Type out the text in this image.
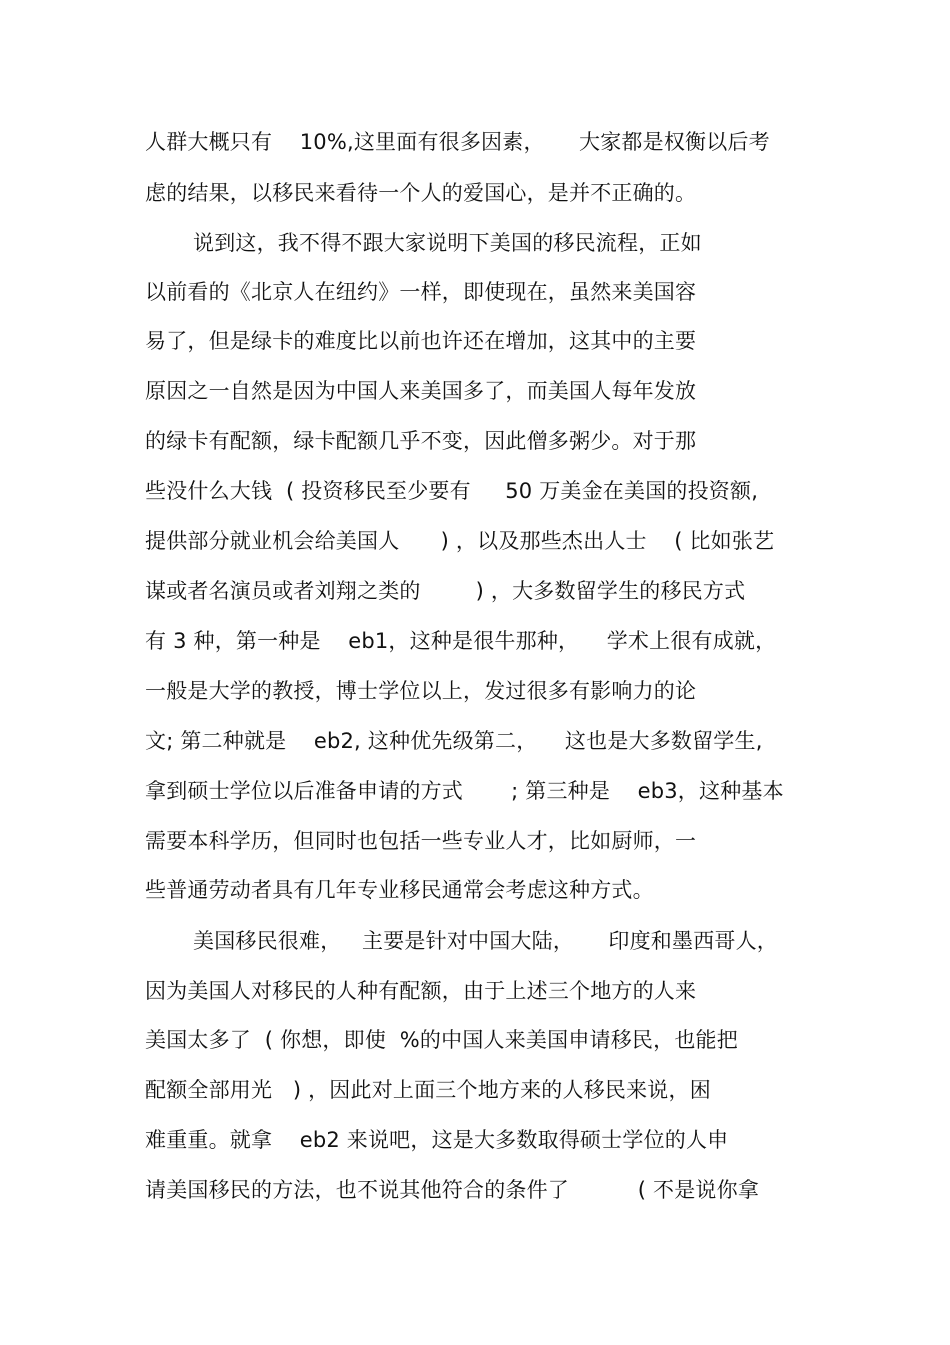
人群大概只有    10%,这里面有很多因素，     大家都是权衡以后考
虑的结果，以移民来看待一个人的爱国心，是并不正确的。
说到这，我不得不跟大家说明下美国的移民流程，正如
以前看的《北京人在纽约》一样，即使现在，虽然来美国容
易了，但是绿卡的难度比以前也许还在增加，这其中的主要
原因之一自然是因为中国人来美国多了，而美国人每年发放
的绿卡有配额，绿卡配额几乎不变，因此僧多粥少。对于那
些没什么大钱  ( 投资移民至少要有     50 万美金在美国的投资额,
提供部分就业机会给美国人      ) ，以及那些杰出人士    ( 比如张艺
谋或者名演员或者刘翔之类的        ) ，大多数留学生的移民方式
有 3 种，第一种是    eb1，这种是很牛那种，    学术上很有成就，
一般是大学的教授，博士学位以上，发过很多有影响力的论
文; 第二种就是    eb2, 这种优先级第二，    这也是大多数留学生,
拿到硕士学位以后准备申请的方式       ; 第三种是    eb3，这种基本
需要本科学历，但同时也包括一些专业人才，比如厨师，一
些普通劳动者具有几年专业移民通常会考虑这种方式。
美国移民很难，   主要是针对中国大陆，     印度和墨西哥人，
因为美国人对移民的人种有配额，由于上述三个地方的人来
美国太多了  ( 你想，即使  %的中国人来美国申请移民，也能把
配额全部用光   ) ，因此对上面三个地方来的人移民来说，困
难重重。就拿    eb2 来说吧，这是大多数取得硕士学位的人申
请美国移民的方法，也不说其他符合的条件了          ( 不是说你拿
